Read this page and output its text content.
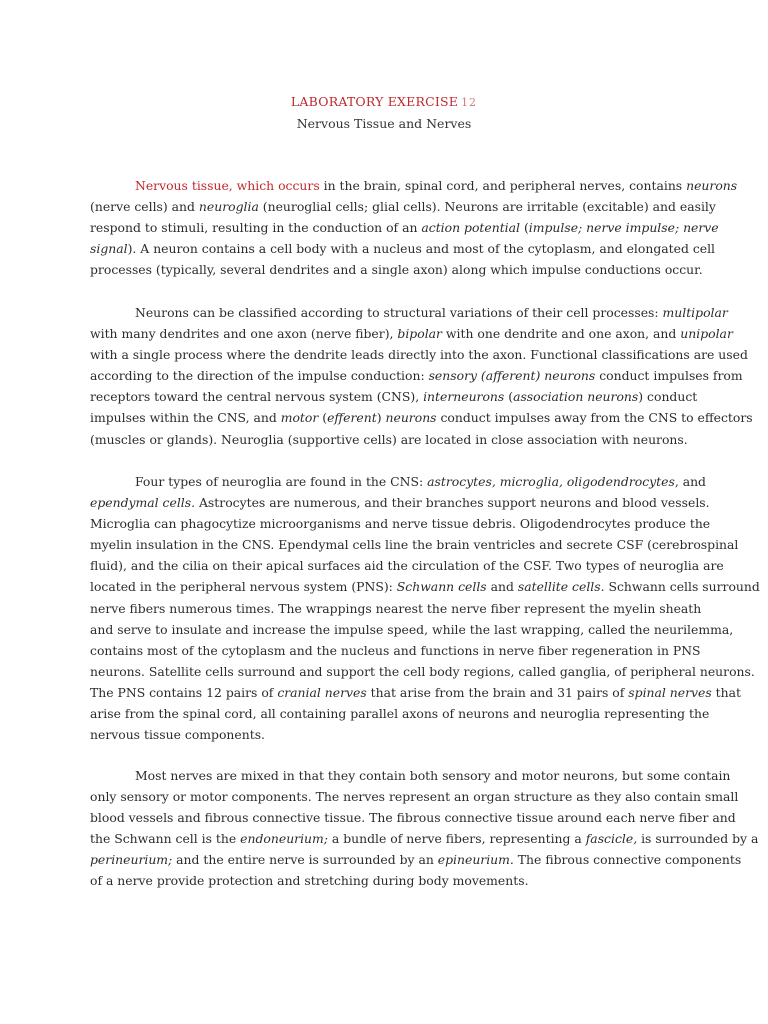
LABORATORY EXERCISE 12
Nervous Tissue and Nerves
Nervous tissue, which occurs in the brain, spinal cord, and peripheral nerves, contains neurons
(nerve cells) and neuroglia (neuroglial cells; glial cells). Neurons are irritable (excitable) and easily
respond to stimuli, resulting in the conduction of an action potential (impulse; nerve impulse; nerve
signal). A neuron contains a cell body with a nucleus and most of the cytoplasm, and elongated cell
processes (typically, several dendrites and a single axon) along which impulse conductions occur.
Neurons can be classified according to structural variations of their cell processes: multipolar
with many dendrites and one axon (nerve fiber), bipolar with one dendrite and one axon, and unipolar
with a single process where the dendrite leads directly into the axon. Functional classifications are used
according to the direction of the impulse conduction: sensory (afferent) neurons conduct impulses from
receptors toward the central nervous system (CNS), interneurons (association neurons) conduct
impulses within the CNS, and motor (efferent) neurons conduct impulses away from the CNS to effectors
(muscles or glands). Neuroglia (supportive cells) are located in close association with neurons.
Four types of neuroglia are found in the CNS: astrocytes, microglia, oligodendrocytes, and
ependymal cells. Astrocytes are numerous, and their branches support neurons and blood vessels.
Microglia can phagocytize microorganisms and nerve tissue debris. Oligodendrocytes produce the
myelin insulation in the CNS. Ependymal cells line the brain ventricles and secrete CSF (cerebrospinal
fluid), and the cilia on their apical surfaces aid the circulation of the CSF. Two types of neuroglia are
located in the peripheral nervous system (PNS): Schwann cells and satellite cells. Schwann cells surround
nerve fibers numerous times. The wrappings nearest the nerve fiber represent the myelin sheath
and serve to insulate and increase the impulse speed, while the last wrapping, called the neurilemma,
contains most of the cytoplasm and the nucleus and functions in nerve fiber regeneration in PNS
neurons. Satellite cells surround and support the cell body regions, called ganglia, of peripheral neurons.
The PNS contains 12 pairs of cranial nerves that arise from the brain and 31 pairs of spinal nerves that
arise from the spinal cord, all containing parallel axons of neurons and neuroglia representing the
nervous tissue components.
Most nerves are mixed in that they contain both sensory and motor neurons, but some contain
only sensory or motor components. The nerves represent an organ structure as they also contain small
blood vessels and fibrous connective tissue. The fibrous connective tissue around each nerve fiber and
the Schwann cell is the endoneurium; a bundle of nerve fibers, representing a fascicle, is surrounded by a
perineurium; and the entire nerve is surrounded by an epineurium. The fibrous connective components
of a nerve provide protection and stretching during body movements.
